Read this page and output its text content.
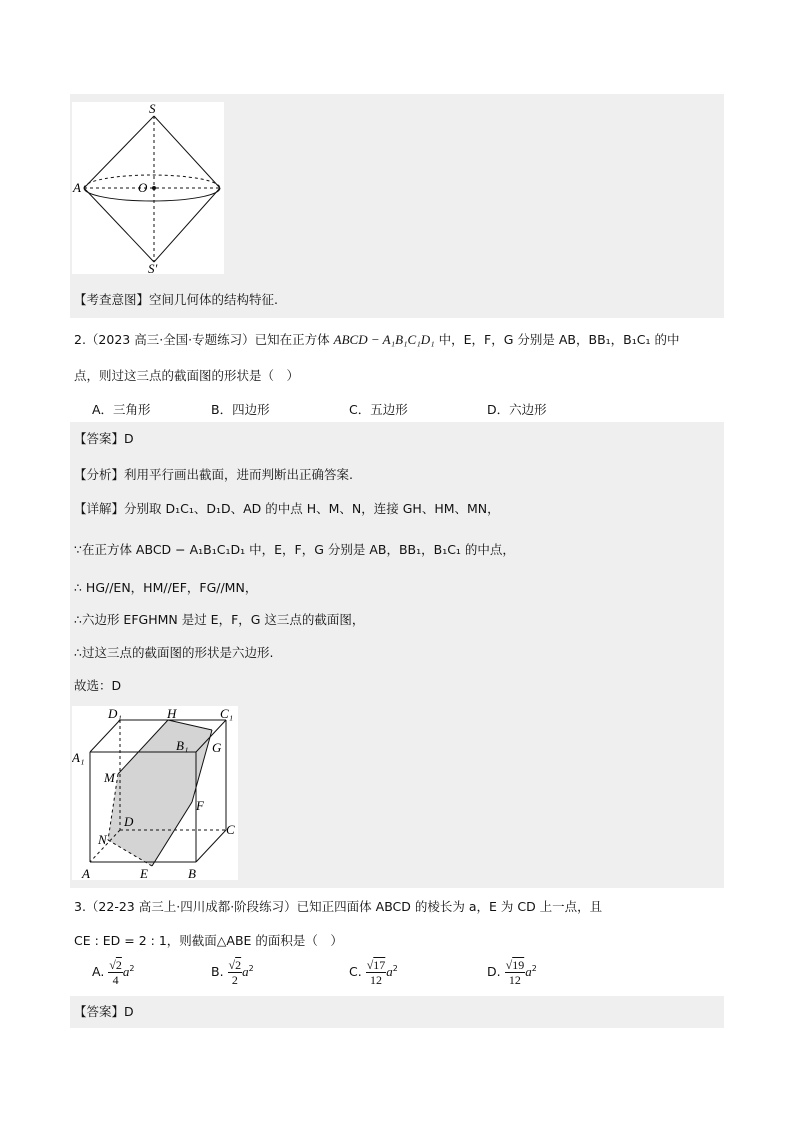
S
A	O
S′
【考查意图】空间几何体的结构特征.
2.（2023 高三·全国·专题练习）已知在正方体 ABCD − A₁B₁C₁D₁ 中，E，F，G 分别是 AB，BB₁，B₁C₁ 的中
点，则过这三点的截面图的形状是（　）
A．三角形	B．四边形	C．五边形	D．六边形
【答案】D
【分析】利用平行画出截面，进而判断出正确答案.
【详解】分别取 D₁C₁、D₁D、AD 的中点 H、M、N，连接 GH、HM、MN，
∵在正方体 ABCD − A₁B₁C₁D₁ 中，E，F，G 分别是 AB，BB₁，B₁C₁ 的中点，
∴ HG//EN，HM//EF，FG//MN，
∴六边形 EFGHMN 是过 E，F，G 这三点的截面图，
∴过这三点的截面图的形状是六边形.
故选：D
D₁	H	C₁
A₁
B₁ G
M
F
D
C
N
A	E	B
3.（22-23 高三上·四川成都·阶段练习）已知正四面体 ABCD 的棱长为 a，E 为 CD 上一点，且
CE : ED = 2 : 1，则截面△ABE 的面积是（　）
A. $\frac{√2}{4} a^2$	B. $\frac{√2}{2} a^2$	C. $\frac{√17}{12} a^2$	D. $\frac{√19}{12} a^2$
【答案】D
